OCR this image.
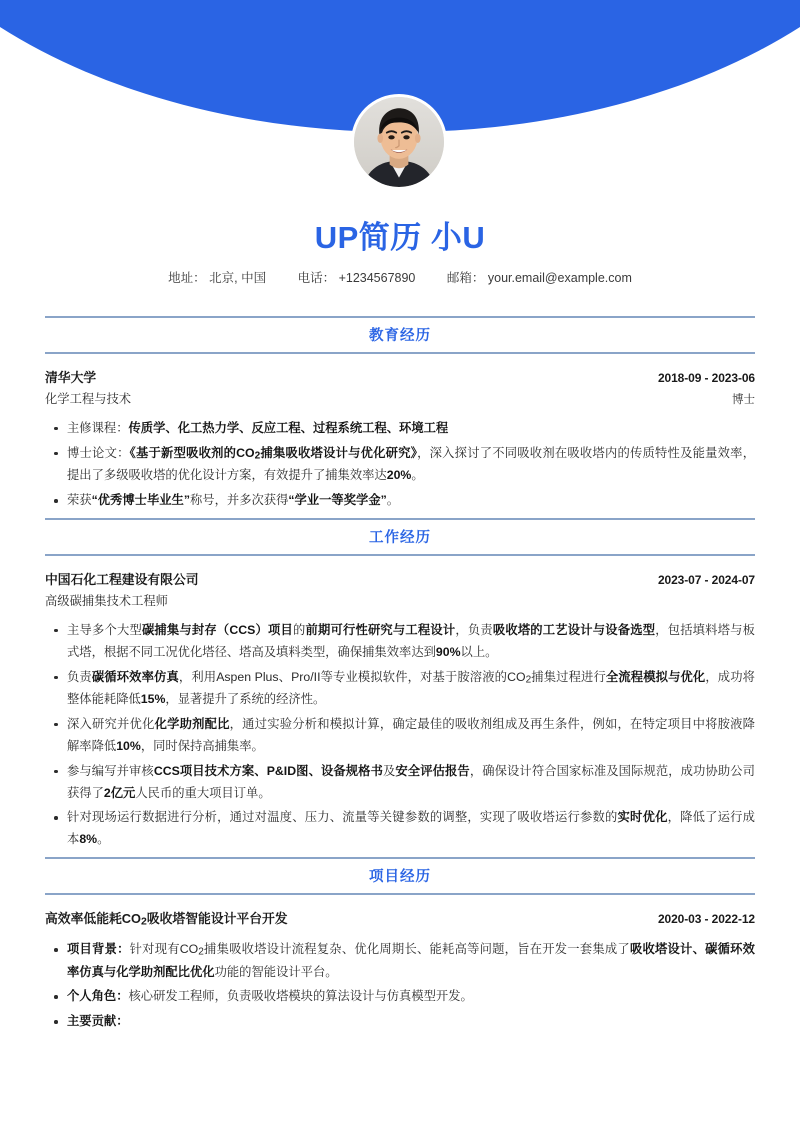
UP简历 小U
地址： 北京, 中国	电话： +1234567890	邮箱： your.email@example.com
教育经历
清华大学	2018-09 - 2023-06
化学工程与技术	博士
主修课程：传质学、化工热力学、反应工程、过程系统工程、环境工程
博士论文：《基于新型吸收剂的CO2捕集吸收塔设计与优化研究》，深入探讨了不同吸收剂在吸收塔内的传质特性及能量效率，提出了多级吸收塔的优化设计方案，有效提升了捕集效率达20%。
荣获“优秀博士毕业生”称号，并多次获得“学业一等奖学金”。
工作经历
中国石化工程建设有限公司	2023-07 - 2024-07
高级碳捕集技术工程师
主导多个大型碳捕集与封存（CCS）项目的前期可行性研究与工程设计，负责吸收塔的工艺设计与设备选型，包括填料塔与板式塔，根据不同工况优化塔径、塔高及填料类型，确保捕集效率达到90%以上。
负责碳循环效率仿真，利用Aspen Plus、Pro/II等专业模拟软件，对基于胺溶液的CO2捕集过程进行全流程模拟与优化，成功将整体能耗降低15%，显著提升了系统的经济性。
深入研究并优化化学助剂配比，通过实验分析和模拟计算，确定最佳的吸收剂组成及再生条件，例如，在特定项目中将胺液降解率降低10%，同时保持高捕集率。
参与编写并审核CCS项目技术方案、P&ID图、设备规格书及安全评估报告，确保设计符合国家标准及国际规范，成功协助公司获得了2亿元人民币的重大项目订单。
针对现场运行数据进行分析，通过对温度、压力、流量等关键参数的调整，实现了吸收塔运行参数的实时优化，降低了运行成本8%。
项目经历
高效率低能耗CO2吸收塔智能设计平台开发	2020-03 - 2022-12
项目背景：针对现有CO2捕集吸收塔设计流程复杂、优化周期长、能耗高等问题，旨在开发一套集成了吸收塔设计、碳循环效率仿真与化学助剂配比优化功能的智能设计平台。
个人角色：核心研发工程师，负责吸收塔模块的算法设计与仿真模型开发。
主要贡献：
